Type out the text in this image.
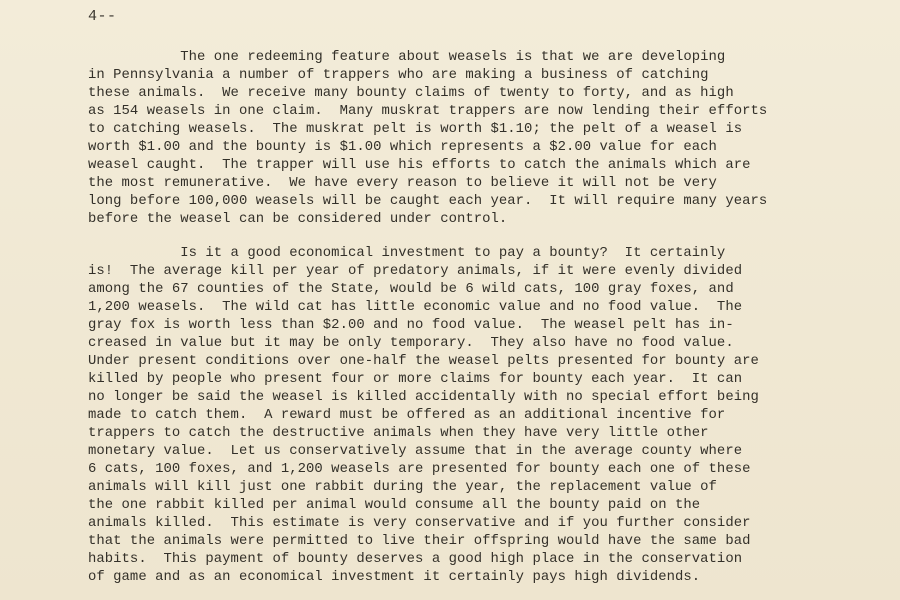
4--
The one redeeming feature about weasels is that we are developing
in Pennsylvania a number of trappers who are making a business of catching
these animals.  We receive many bounty claims of twenty to forty, and as high
as 154 weasels in one claim.  Many muskrat trappers are now lending their efforts
to catching weasels.  The muskrat pelt is worth $1.10; the pelt of a weasel is
worth $1.00 and the bounty is $1.00 which represents a $2.00 value for each
weasel caught.  The trapper will use his efforts to catch the animals which are
the most remunerative.  We have every reason to believe it will not be very
long before 100,000 weasels will be caught each year.  It will require many years
before the weasel can be considered under control.
Is it a good economical investment to pay a bounty?  It certainly
is!  The average kill per year of predatory animals, if it were evenly divided
among the 67 counties of the State, would be 6 wild cats, 100 gray foxes, and
1,200 weasels.  The wild cat has little economic value and no food value.  The
gray fox is worth less than $2.00 and no food value.  The weasel pelt has in-
creased in value but it may be only temporary.  They also have no food value.
Under present conditions over one-half the weasel pelts presented for bounty are
killed by people who present four or more claims for bounty each year.  It can
no longer be said the weasel is killed accidentally with no special effort being
made to catch them.  A reward must be offered as an additional incentive for
trappers to catch the destructive animals when they have very little other
monetary value.  Let us conservatively assume that in the average county where
6 cats, 100 foxes, and 1,200 weasels are presented for bounty each one of these
animals will kill just one rabbit during the year, the replacement value of
the one rabbit killed per animal would consume all the bounty paid on the
animals killed.  This estimate is very conservative and if you further consider
that the animals were permitted to live their offspring would have the same bad
habits.  This payment of bounty deserves a good high place in the conservation
of game and as an economical investment it certainly pays high dividends.
